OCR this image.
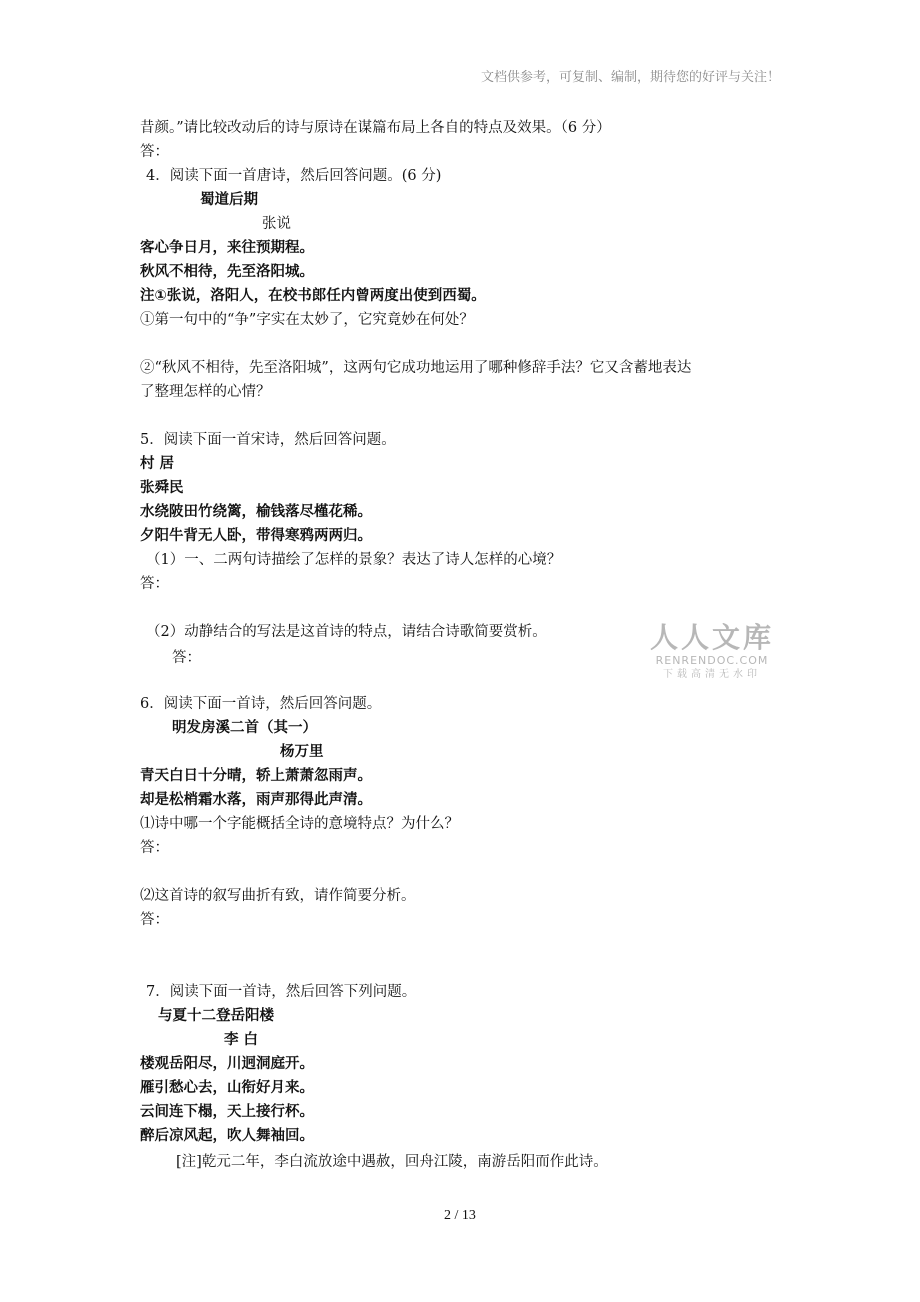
文档供参考，可复制、编制，期待您的好评与关注！
昔颜。”请比较改动后的诗与原诗在谋篇布局上各自的特点及效果。（6 分）
答：
4．阅读下面一首唐诗，然后回答问题。(6 分)
蜀道后期
张说
客心争日月，来往预期程。
秋风不相待，先至洛阳城。
注①张说，洛阳人，在校书郎任内曾两度出使到西蜀。
①第一句中的“争”字实在太妙了，它究竟妙在何处？
②“秋风不相待，先至洛阳城”，这两句它成功地运用了哪种修辞手法？它又含蓄地表达
了整理怎样的心情？
5．阅读下面一首宋诗，然后回答问题。
村 居
张舜民
水绕陂田竹绕篱，榆钱落尽槿花稀。
夕阳牛背无人卧，带得寒鸦两两归。
（1）一、二两句诗描绘了怎样的景象？表达了诗人怎样的心境？
答：
（2）动静结合的写法是这首诗的特点，请结合诗歌简要赏析。
答：
6．阅读下面一首诗，然后回答问题。
明发房溪二首（其一）
杨万里
青天白日十分晴，轿上萧萧忽雨声。
却是松梢霜水落，雨声那得此声清。
⑴诗中哪一个字能概括全诗的意境特点？为什么？
答：
⑵这首诗的叙写曲折有致，请作简要分析。
答：
7．阅读下面一首诗，然后回答下列问题。
与夏十二登岳阳楼
李 白
楼观岳阳尽，川迥洞庭开。
雁引愁心去，山衔好月来。
云间连下榻，天上接行杯。
醉后凉风起，吹人舞袖回。
[注]乾元二年，李白流放途中遇赦，回舟江陵，南游岳阳而作此诗。
人人文库
RENRENDOC.COM
下载高清无水印
2 / 13
